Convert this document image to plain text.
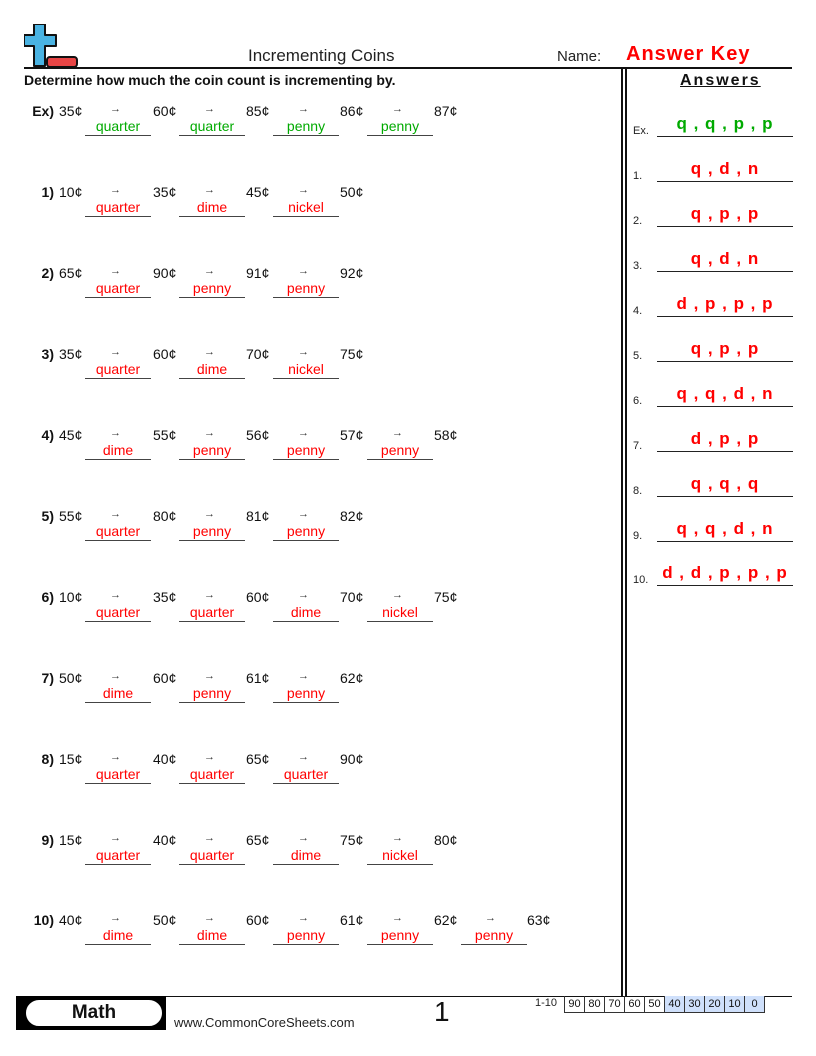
Incrementing Coins	Name: Answer Key
Determine how much the coin count is incrementing by.
Ex) 35¢	→ 60¢	→ 85¢	→ 86¢	→ 87¢
quarter	quarter	penny	penny
1) 10¢	→ 35¢	→ 45¢	→ 50¢
quarter	dime	nickel
2) 65¢	→ 90¢	→ 91¢	→ 92¢
quarter	penny	penny
3) 35¢	→ 60¢	→ 70¢	→ 75¢
quarter	dime	nickel
4) 45¢	→ 55¢	→ 56¢	→ 57¢	→ 58¢
dime	penny	penny	penny
5) 55¢	→ 80¢	→ 81¢	→ 82¢
quarter	penny	penny
6) 10¢	→ 35¢	→ 60¢	→ 70¢	→ 75¢
quarter	quarter	dime	nickel
7) 50¢	→ 60¢	→ 61¢	→ 62¢
dime	penny	penny
8) 15¢	→ 40¢	→ 65¢	→ 90¢
quarter	quarter	quarter
9) 15¢	→ 40¢	→ 65¢	→ 75¢	→ 80¢
quarter	quarter	dime	nickel
10) 40¢	→ 50¢	→ 60¢	→ 61¢	→ 62¢	→ 63¢
dime	dime	penny	penny	penny
Answers
Ex.	q , q , p , p
1.	q , d , n
2.	q , p , p
3.	q , d , n
4.	d , p , p , p
5.	q , p , p
6.	q , q , d , n
7.	d , p , p
8.	q , q , q
9.	q , q , d , n
10. d , d , p , p , p
Math	www.CommonCoreSheets.com	1	1-10	90 80 70 60 50 40 30 20 10 0
